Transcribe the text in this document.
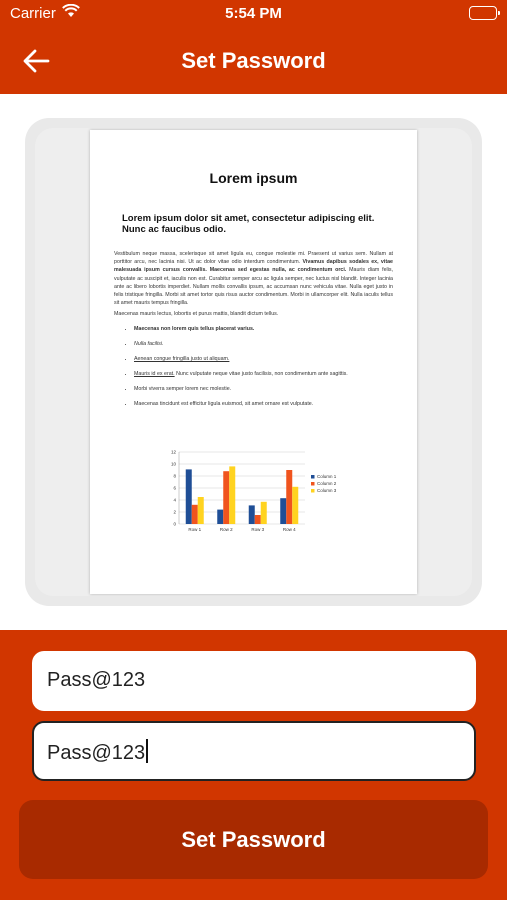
Carrier	5:54 PM
Set Password
Lorem ipsum
Lorem ipsum dolor sit amet, consectetur adipiscing elit. Nunc ac faucibus odio.
Vestibulum neque massa, scelerisque sit amet ligula eu, congue molestie mi. Praesent ut varius sem. Nullam at porttitor arcu, nec lacinia nisi. Ut ac dolor vitae odio interdum condimentum. Vivamus dapibus sodales ex, vitae malesuada ipsum cursus convallis. Maecenas sed egestas nulla, ac condimentum orci. Mauris diam felis, vulputate ac suscipit et, iaculis non est. Curabitur semper arcu ac ligula semper, nec luctus nisl blandit. Integer lacinia ante ac libero lobortis imperdiet. Nullam mollis convallis ipsum, ac accumsan nunc vehicula vitae. Nulla eget justo in felis tristique fringilla. Morbi sit amet tortor quis risus auctor condimentum. Morbi in ullamcorper elit. Nulla iaculis tellus sit amet mauris tempus fringilla.
Maecenas mauris lectus, lobortis et purus mattis, blandit dictum tellus.
• Maecenas non lorem quis tellus placerat varius.
• Nulla facilisi.
• Aenean congue fringilla justo ut aliquam.
• Mauris id ex erat. Nunc vulputate neque vitae justo facilisis, non condimentum ante sagittis.
• Morbi viverra semper lorem nec molestie.
• Maecenas tincidunt est efficitur ligula euismod, sit amet ornare est vulputate.
0
2
4
6
8
10
12
Row 1	Row 2	Row 3	Row 4
Column 1
Column 2
Column 3
Pass@123
Pass@123
Set Password
